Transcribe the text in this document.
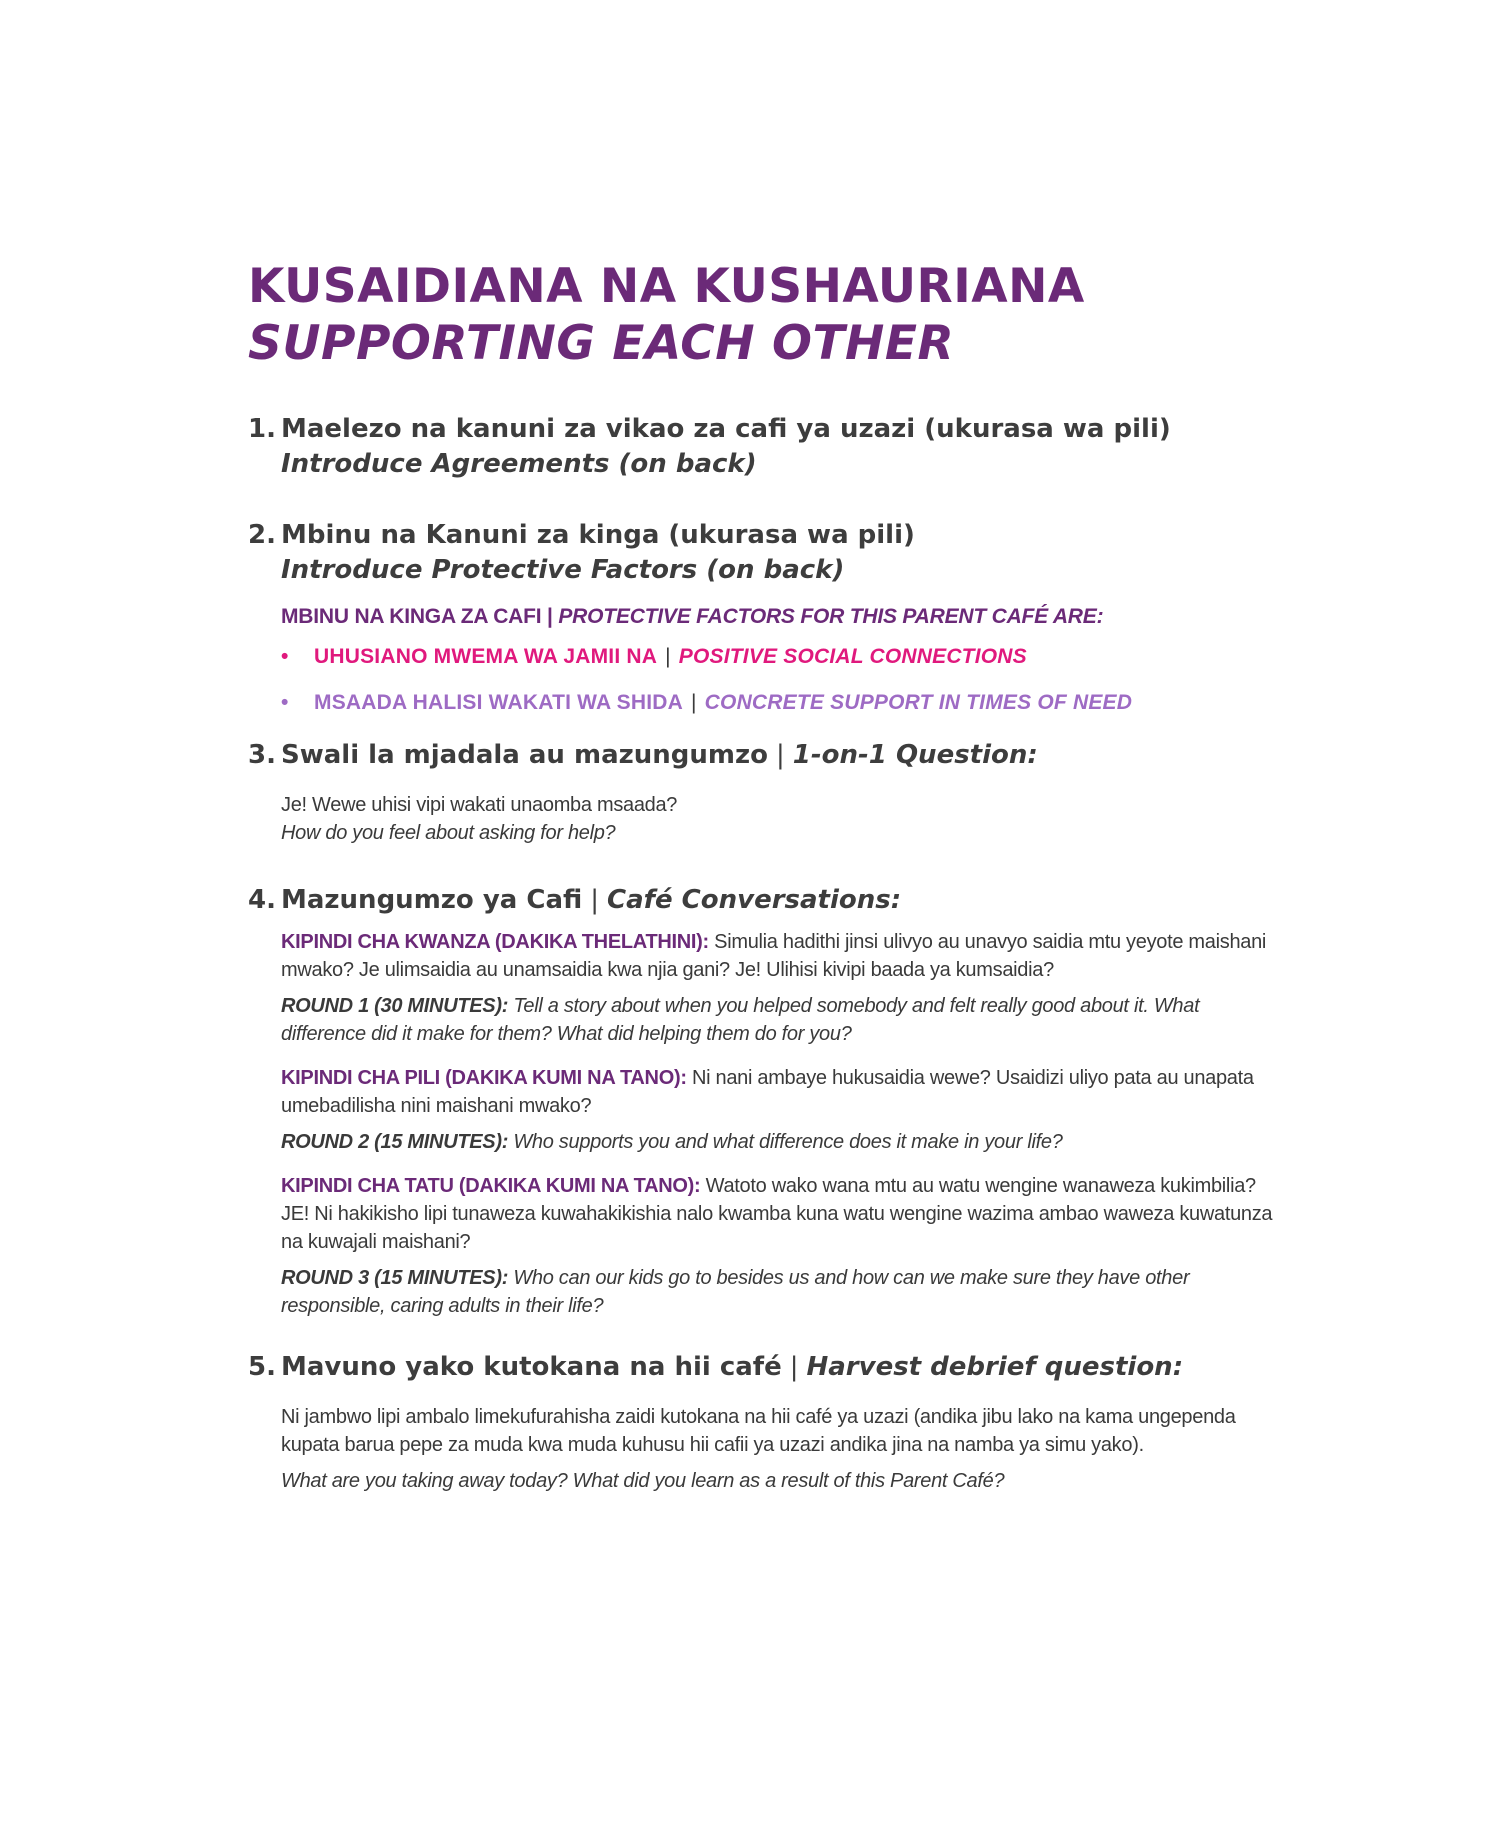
KUSAIDIANA NA KUSHAURIANA
SUPPORTING EACH OTHER
1. Maelezo na kanuni za vikao za cafi ya uzazi (ukurasa wa pili)
Introduce Agreements (on back)
2. Mbinu na Kanuni za kinga (ukurasa wa pili)
Introduce Protective Factors (on back)
MBINU NA KINGA ZA CAFI | PROTECTIVE FACTORS FOR THIS PARENT CAFÉ ARE:
• UHUSIANO MWEMA WA JAMII NA | POSITIVE SOCIAL CONNECTIONS
• MSAADA HALISI WAKATI WA SHIDA | CONCRETE SUPPORT IN TIMES OF NEED
3. Swali la mjadala au mazungumzo | 1-on-1 Question:

Je! Wewe uhisi vipi wakati unaomba msaada?

How do you feel about asking for help?

4. Mazungumzo ya Cafi | Café Conversations:

KIPINDI CHA KWANZA (DAKIKA THELATHINI): Simulia hadithi jinsi ulivyo au unavyo saidia mtu yeyote maishani mwako? Je ulimsaidia au unamsaidia kwa njia gani? Je! Ulihisi kivipi baada ya kumsaidia?

ROUND 1 (30 MINUTES): Tell a story about when you helped somebody and felt really good about it. What difference did it make for them? What did helping them do for you?

KIPINDI CHA PILI (DAKIKA KUMI NA TANO): Ni nani ambaye hukusaidia wewe? Usaidizi uliyo pata au unapata umebadilisha nini maishani mwako?

ROUND 2 (15 MINUTES): Who supports you and what difference does it make in your life?

KIPINDI CHA TATU (DAKIKA KUMI NA TANO): Watoto wako wana mtu au watu wengine wanaweza kukimbilia? JE! Ni hakikisho lipi tunaweza kuwahakikishia nalo kwamba kuna watu wengine wazima ambao waweza kuwatunza na kuwajali maishani?

ROUND 3 (15 MINUTES): Who can our kids go to besides us and how can we make sure they have other responsible, caring adults in their life?

5. Mavuno yako kutokana na hii café | Harvest debrief question:

Ni jambwo lipi ambalo limekufurahisha zaidi kutokana na hii café ya uzazi (andika jibu lako na kama ungependa kupata barua pepe za muda kwa muda kuhusu hii cafii ya uzazi andika jina na namba ya simu yako).

What are you taking away today? What did you learn as a result of this Parent Café?
